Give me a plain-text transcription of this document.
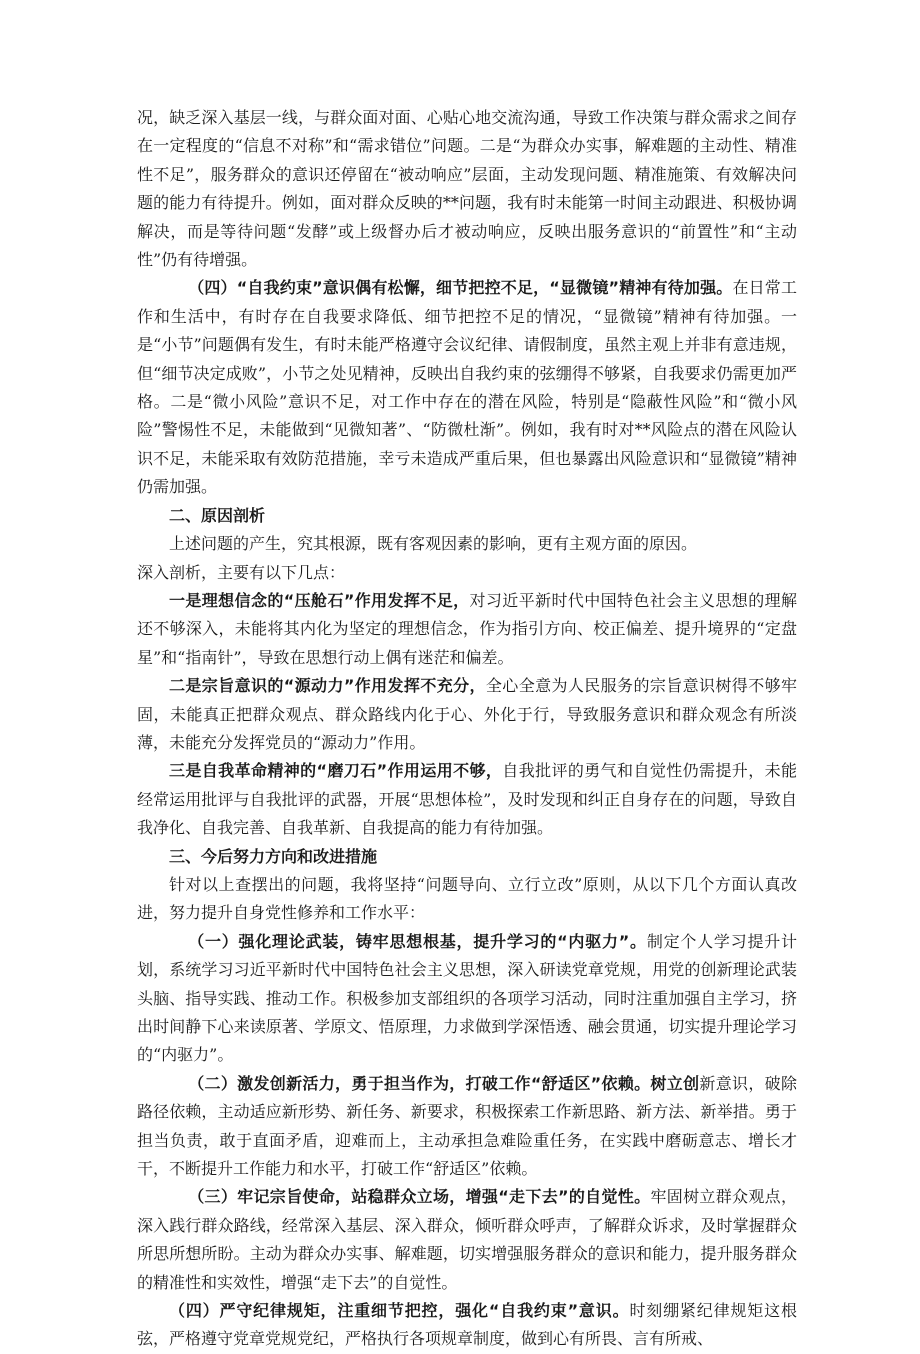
况，缺乏深入基层一线，与群众面对面、心贴心地交流沟通，导致工作决策与群众需求之间存在一定程度的“信息不对称”和“需求错位”问题。二是“为群众办实事，解难题的主动性、精准性不足”，服务群众的意识还停留在“被动响应”层面，主动发现问题、精准施策、有效解决问题的能力有待提升。例如，面对群众反映的**问题，我有时未能第一时间主动跟进、积极协调解决，而是等待问题“发酵”或上级督办后才被动响应，反映出服务意识的“前置性”和“主动性”仍有待增强。

（四）“自我约束”意识偶有松懈，细节把控不足，“显微镜”精神有待加强。在日常工作和生活中，有时存在自我要求降低、细节把控不足的情况，“显微镜”精神有待加强。一是“小节”问题偶有发生，有时未能严格遵守会议纪律、请假制度，虽然主观上并非有意违规，但“细节决定成败”，小节之处见精神，反映出自我约束的弦绷得不够紧，自我要求仍需更加严格。二是“微小风险”意识不足，对工作中存在的潜在风险，特别是“隐蔽性风险”和“微小风险”警惕性不足，未能做到“见微知著”、“防微杜渐”。例如，我有时对**风险点的潜在风险认识不足，未能采取有效防范措施，幸亏未造成严重后果，但也暴露出风险意识和“显微镜”精神仍需加强。

二、原因剖析

上述问题的产生，究其根源，既有客观因素的影响，更有主观方面的原因。

深入剖析，主要有以下几点：

一是理想信念的“压舱石”作用发挥不足，对习近平新时代中国特色社会主义思想的理解还不够深入，未能将其内化为坚定的理想信念，作为指引方向、校正偏差、提升境界的“定盘星”和“指南针”，导致在思想行动上偶有迷茫和偏差。

二是宗旨意识的“源动力”作用发挥不充分，全心全意为人民服务的宗旨意识树得不够牢固，未能真正把群众观点、群众路线内化于心、外化于行，导致服务意识和群众观念有所淡薄，未能充分发挥党员的“源动力”作用。

三是自我革命精神的“磨刀石”作用运用不够，自我批评的勇气和自觉性仍需提升，未能经常运用批评与自我批评的武器，开展“思想体检”，及时发现和纠正自身存在的问题，导致自我净化、自我完善、自我革新、自我提高的能力有待加强。

三、今后努力方向和改进措施

针对以上查摆出的问题，我将坚持“问题导向、立行立改”原则，从以下几个方面认真改进，努力提升自身党性修养和工作水平：

（一）强化理论武装，铸牢思想根基，提升学习的“内驱力”。制定个人学习提升计划，系统学习习近平新时代中国特色社会主义思想，深入研读党章党规，用党的创新理论武装头脑、指导实践、推动工作。积极参加支部组织的各项学习活动，同时注重加强自主学习，挤出时间静下心来读原著、学原文、悟原理，力求做到学深悟透、融会贯通，切实提升理论学习的“内驱力”。

（二）激发创新活力，勇于担当作为，打破工作“舒适区”依赖。树立创新意识，破除路径依赖，主动适应新形势、新任务、新要求，积极探索工作新思路、新方法、新举措。勇于担当负责，敢于直面矛盾，迎难而上，主动承担急难险重任务，在实践中磨砺意志、增长才干，不断提升工作能力和水平，打破工作“舒适区”依赖。

（三）牢记宗旨使命，站稳群众立场，增强“走下去”的自觉性。牢固树立群众观点，深入践行群众路线，经常深入基层、深入群众，倾听群众呼声，了解群众诉求，及时掌握群众所思所想所盼。主动为群众办实事、解难题，切实增强服务群众的意识和能力，提升服务群众的精准性和实效性，增强“走下去”的自觉性。

（四）严守纪律规矩，注重细节把控，强化“自我约束”意识。时刻绷紧纪律规矩这根弦，严格遵守党章党规党纪，严格执行各项规章制度，做到心有所畏、言有所戒、
